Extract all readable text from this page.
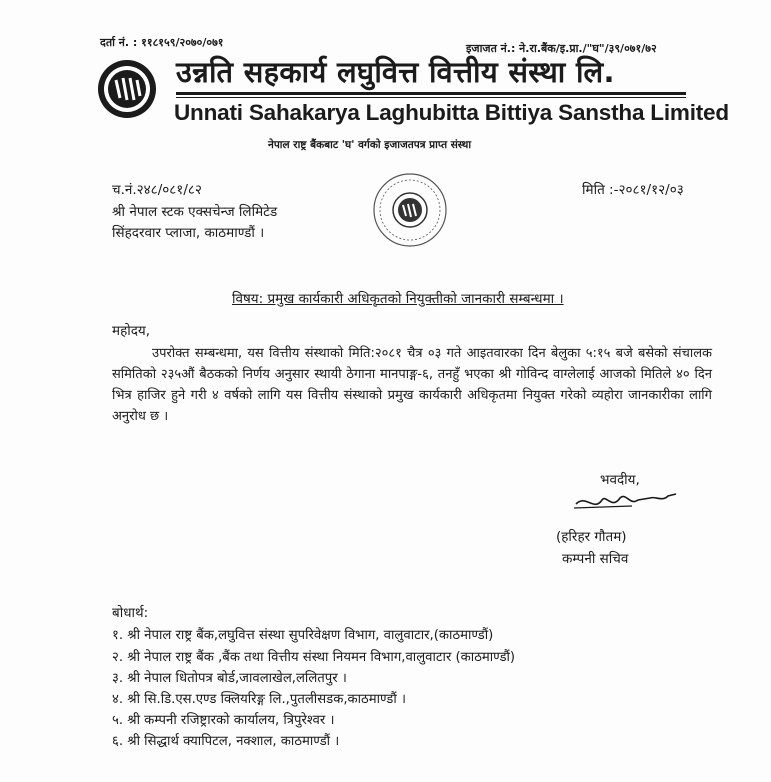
दर्ता नं. : ११८१५९/२०७०/०७१	इजाजत नं.: ने.रा.बैंक/इ.प्रा./"घ"/३९/०७१/७२
उन्नति सहकार्य लघुवित्त वित्तीय संस्था लि.
Unnati Sahakarya Laghubitta Bittiya Sanstha Limited
नेपाल राष्ट्र बैंकबाट 'घ' वर्गको इजाजतपत्र प्राप्त संस्था
च.नं.२४८/०८१/८२	मिति :-२०८१/१२/०३
श्री नेपाल स्टक एक्सचेन्ज लिमिटेड
सिंहदरवार प्लाजा, काठमाण्डौं ।
विषय: प्रमुख कार्यकारी अधिकृतको नियुक्तीको जानकारी सम्बन्धमा ।
महोदय,
उपरोक्त सम्बन्धमा, यस वित्तीय संस्थाको मिति:२०८१ चैत्र ०३ गते आइतवारका दिन बेलुका ५:१५ बजे बसेको संचालक समितिको २३५औं बैठकको निर्णय अनुसार स्थायी ठेगाना मानपाङ्ग-६, तनहुँ भएका श्री गोविन्द वाग्लेलाई आजको मितिले ४० दिन भित्र हाजिर हुने गरी ४ वर्षको लागि यस वित्तीय संस्थाको प्रमुख कार्यकारी अधिकृतमा नियुक्त गरेको व्यहोरा जानकारीका लागि अनुरोध छ ।
भवदीय,
(हरिहर गौतम)
कम्पनी सचिव
बोधार्थ:
१. श्री नेपाल राष्ट्र बैंक,लघुवित्त संस्था सुपरिवेक्षण विभाग, वालुवाटार,(काठमाण्डौं)
२. श्री नेपाल राष्ट्र बैंक ,बैंक तथा वित्तीय संस्था नियमन विभाग,वालुवाटार (काठमाण्डौं)
३. श्री नेपाल धितोपत्र बोर्ड,जावलाखेल,ललितपुर ।
४. श्री सि.डि.एस.एण्ड क्लियरिङ्ग लि.,पुतलीसडक,काठमाण्डौं ।
५. श्री कम्पनी रजिष्ट्रारको कार्यालय, त्रिपुरेश्वर ।
६. श्री सिद्धार्थ क्यापिटल, नक्शाल, काठमाण्डौं ।
